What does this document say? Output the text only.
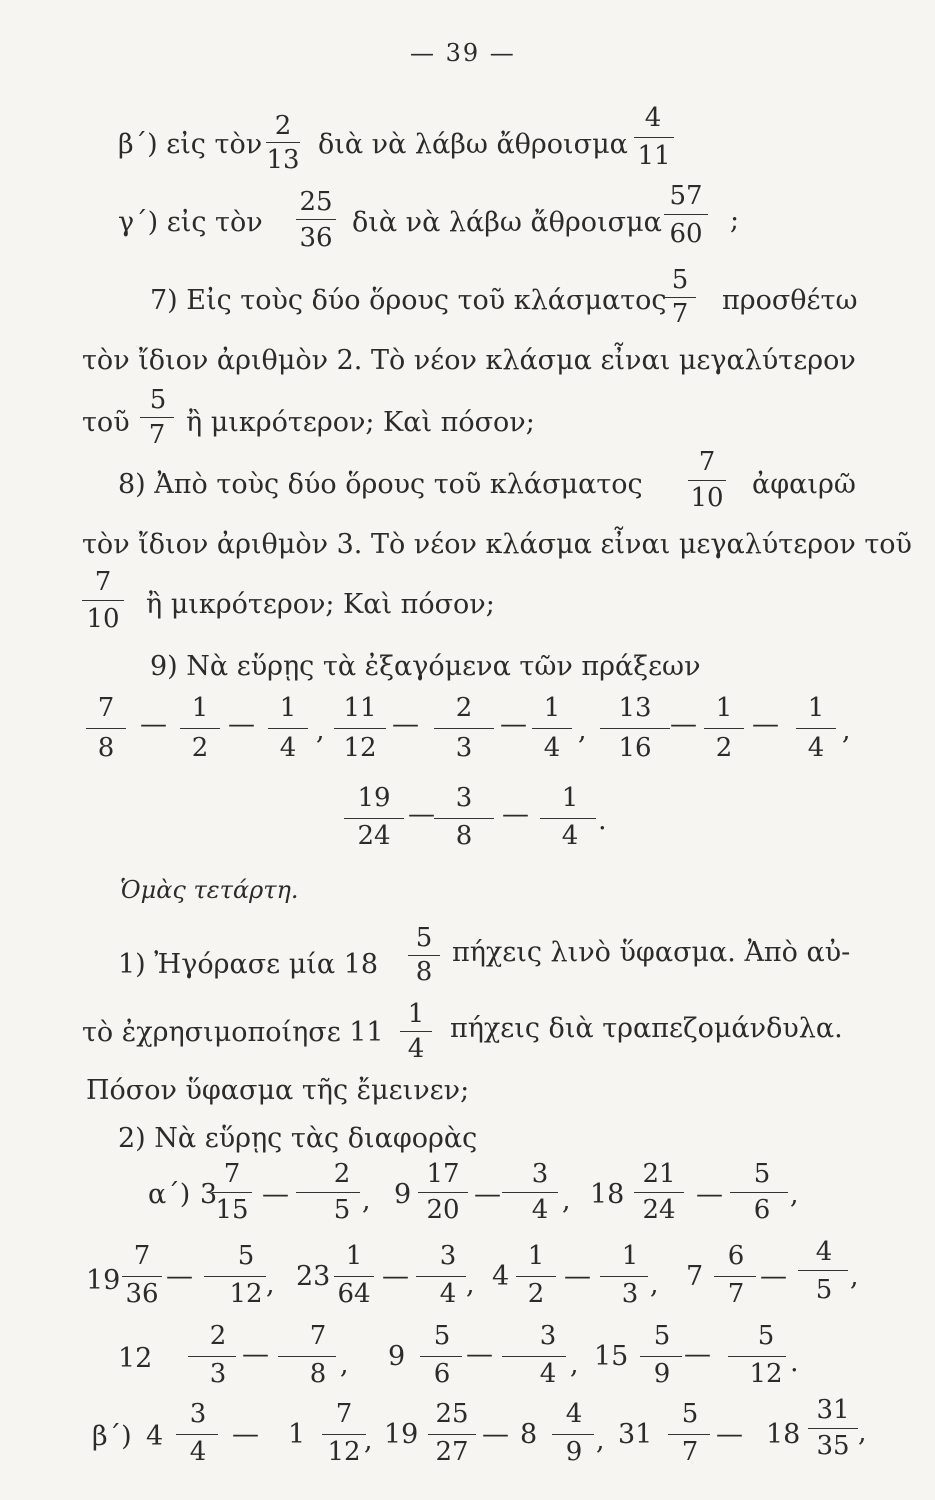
— 39 —
β΄) εἰς τὸν
2
13 διὰ νὰ λάβω ἄθροισμα
4
11
γ΄) εἰς τὸν
25
36 διὰ νὰ λάβω ἄθροισμα
57
60 ;
7) Εἰς τοὺς δύο ὅρους τοῦ κλάσματος
5
7 προσθέτω
τὸν ἴδιον ἀριθμὸν 2. Τὸ νέον κλάσμα εἶναι μεγαλύτερον
τοῦ
5
7 ἢ μικρότερον; Καὶ πόσον;
8) Ἀπὸ τοὺς δύο ὅρους τοῦ κλάσματος
7
10 ἀφαιρῶ
τὸν ἴδιον ἀριθμὸν 3. Τὸ νέον κλάσμα εἶναι μεγαλύτερον τοῦ
7
10 ἢ μικρότερον; Καὶ πόσον;
9) Νὰ εὕρῃς τὰ ἐξαγόμενα τῶν πράξεων
7
8
—
1
2
—
1
4
,
11
12
—
2
3
—
1
4
,
13
16
—
1
2
—
1
4
,
19
24
—
3
8
—
1
4 .
Ὁμὰς τετάρτη.
1) Ἠγόρασε μία 18
5
8
πήχεις λινὸ ὕφασμα. Ἀπὸ αὐ-
τὸ ἐχρησιμοποίησε 11
1
4
πήχεις διὰ τραπεζομάνδυλα.
Πόσον ὕφασμα τῆς ἔμεινεν;
2) Νὰ εὕρῃς τὰς διαφορὰς
α΄) 3
7
15 —
2
5 , 9
17
20 —
3
4 , 18
21
24 —
5
6 ,
19
7
36
—
5
12 , 23
1
64
—
3
4 , 4
1
2
—
1
3 , 7
6
7
—
4
5 ,
12
2
3
—
7
8 , 9
5
6
—
3
4 , 15
5
9
—
5
12 .
β΄) 4
3
4
— 1
7
12 , 19
25
27
— 8
4
9 , 31
5
7
— 18
31
35 ,
